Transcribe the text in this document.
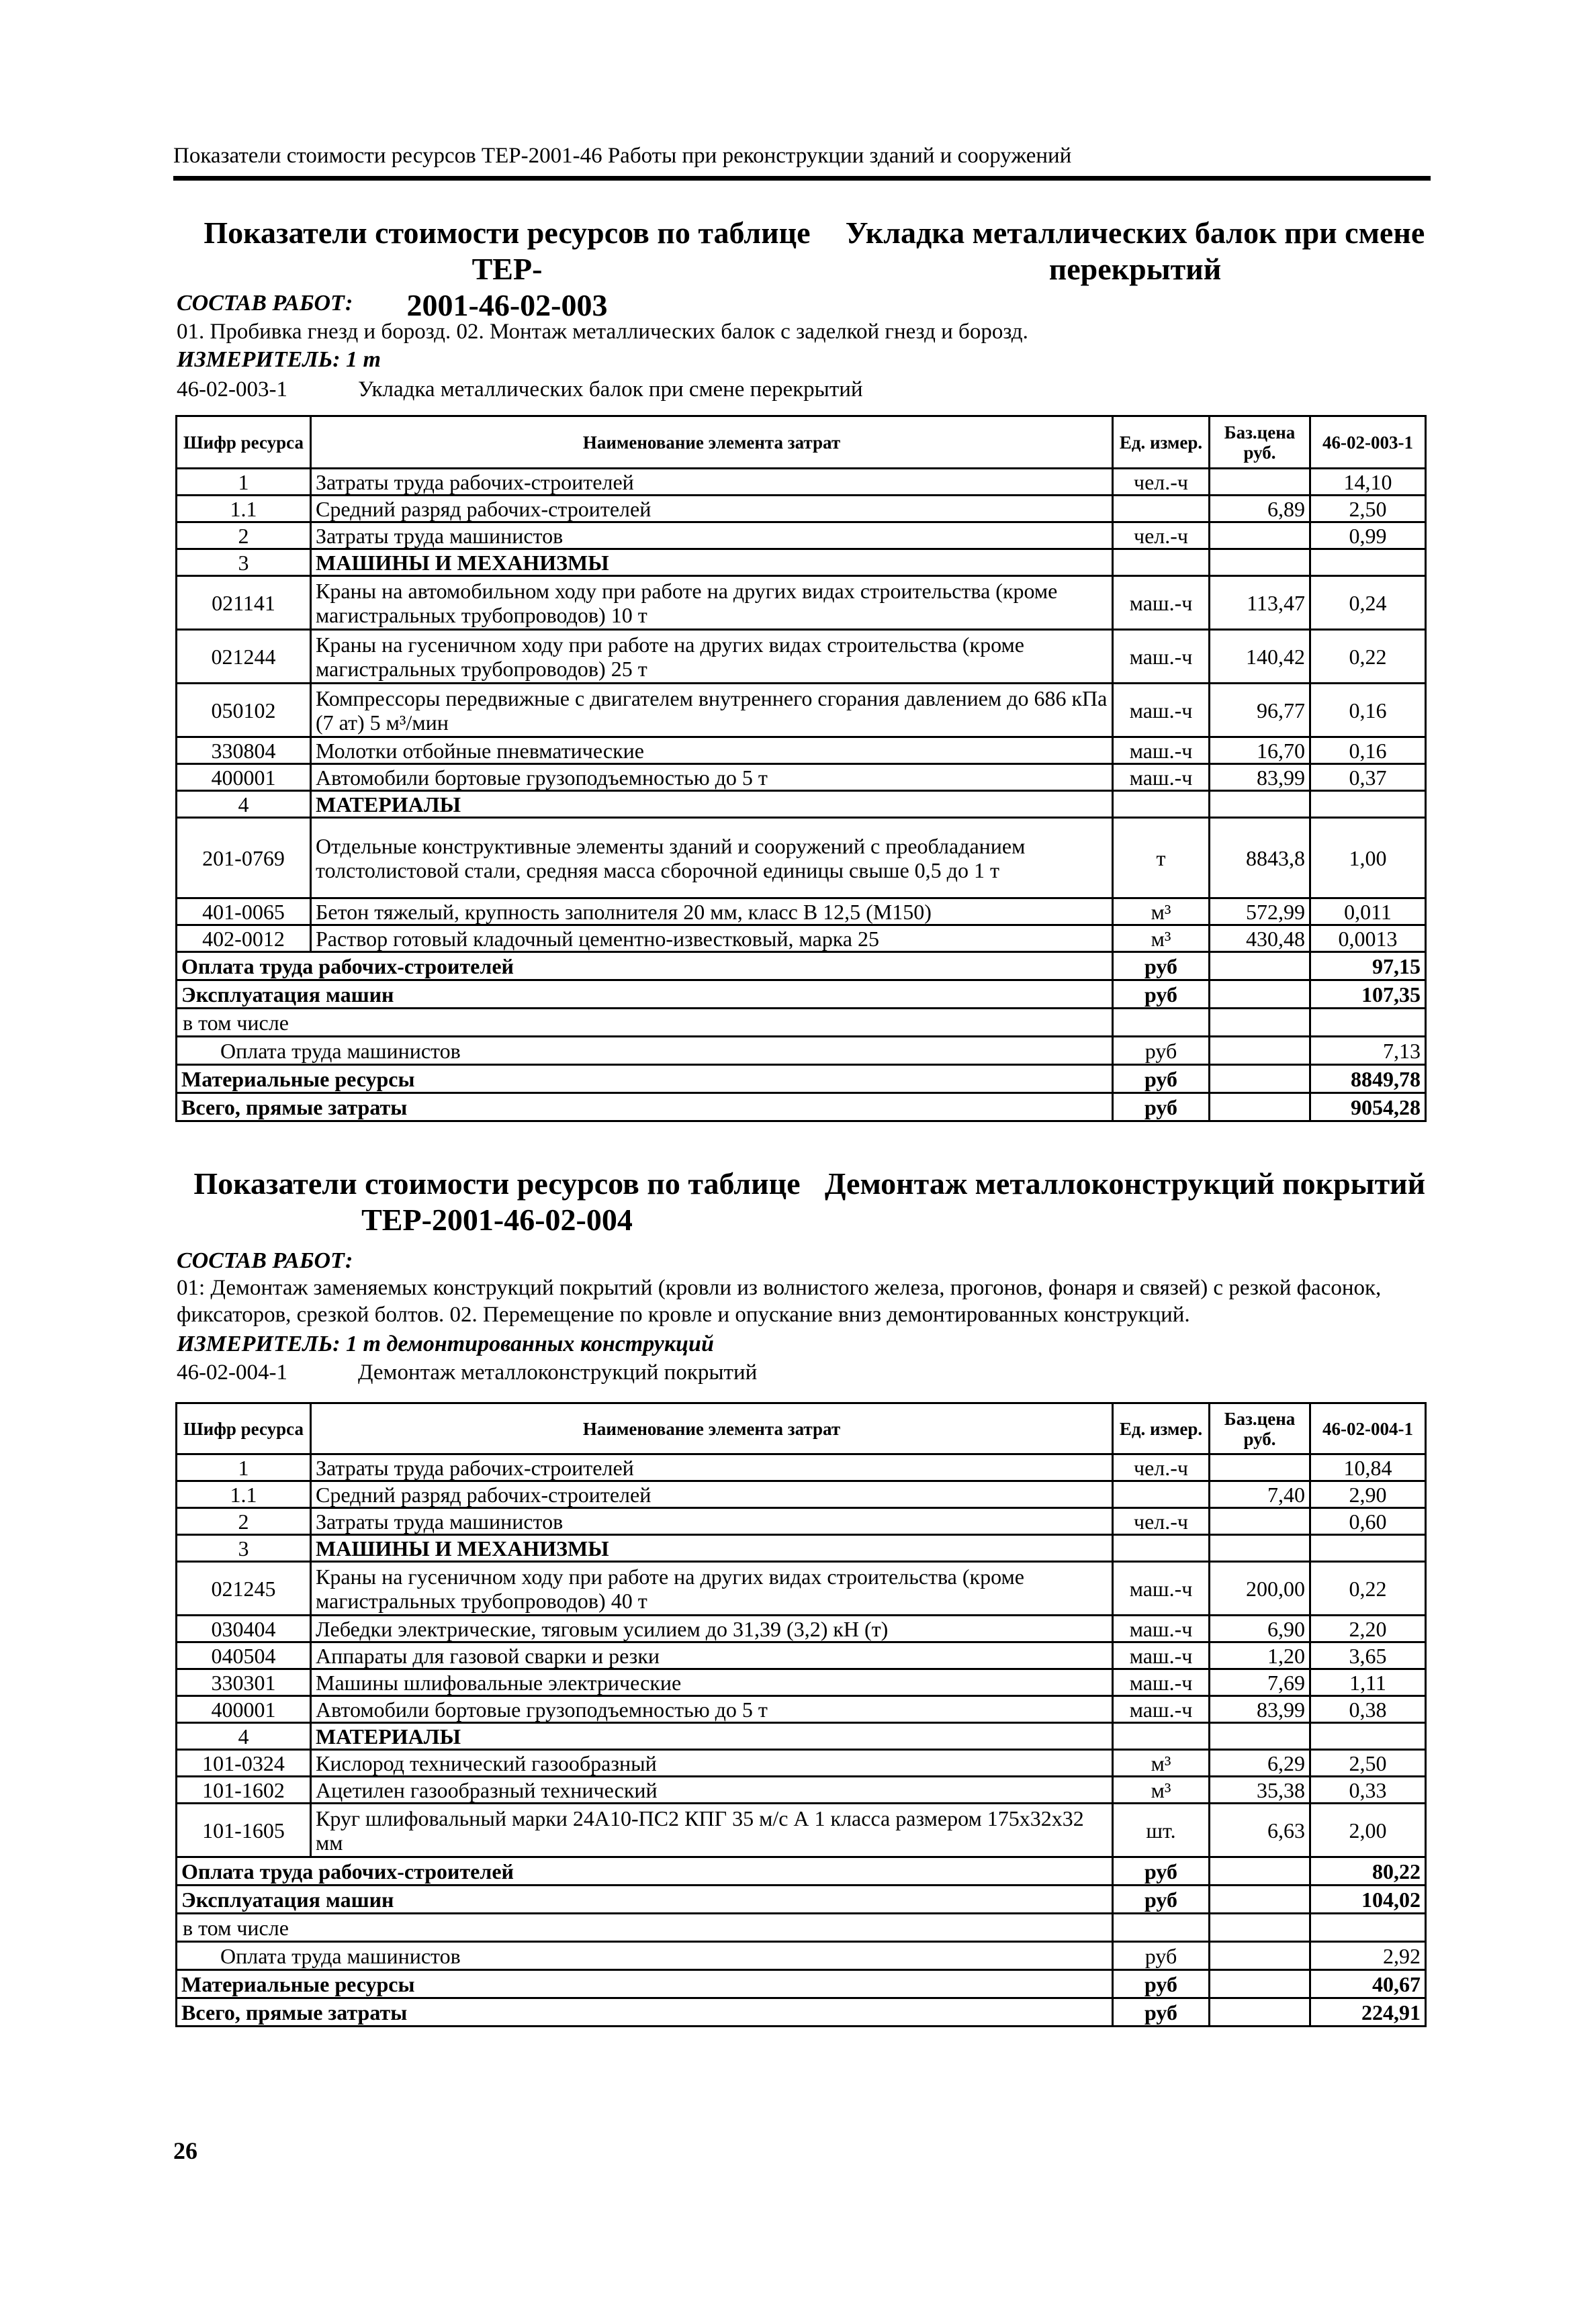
Показатели стоимости ресурсов ТЕР-2001-46 Работы при реконструкции зданий и сооружений
Показатели стоимости ресурсов по таблице ТЕР-
2001-46-02-003
Укладка металлических балок при смене
перекрытий
СОСТАВ РАБОТ:
01. Пробивка гнезд и борозд. 02. Монтаж металлических балок с заделкой гнезд и борозд.
ИЗМЕРИТЕЛЬ: 1 т
46-02-003-1	Укладка металлических балок при смене перекрытий
Шифр ресурса	Наименование элемента затрат	Ед. измер.	Баз.цена руб.	46-02-003-1
1	Затраты труда рабочих-строителей	чел.-ч		14,10
1.1	Средний разряд рабочих-строителей		6,89	2,50
2	Затраты труда машинистов	чел.-ч		0,99
3	МАШИНЫ И МЕХАНИЗМЫ			
021141	Краны на автомобильном ходу при работе на других видах строительства (кроме магистральных трубопроводов) 10 т	маш.-ч	113,47	0,24
021244	Краны на гусеничном ходу при работе на других видах строительства (кроме магистральных трубопроводов) 25 т	маш.-ч	140,42	0,22
050102	Компрессоры передвижные с двигателем внутреннего сгорания давлением до 686 кПа (7 ат) 5 м³/мин	маш.-ч	96,77	0,16
330804	Молотки отбойные пневматические	маш.-ч	16,70	0,16
400001	Автомобили бортовые грузоподъемностью до 5 т	маш.-ч	83,99	0,37
4	МАТЕРИАЛЫ			
201-0769	Отдельные конструктивные элементы зданий и сооружений с преобладанием толстолистовой стали, средняя масса сборочной единицы свыше 0,5 до 1 т	т	8843,8	1,00
401-0065	Бетон тяжелый, крупность заполнителя 20 мм, класс В 12,5 (М150)	м³	572,99	0,011
402-0012	Раствор готовый кладочный цементно-известковый, марка 25	м³	430,48	0,0013
Оплата труда рабочих-строителей		руб		97,15
Эксплуатация машин		руб		107,35
в том числе				
Оплата труда машинистов		руб		7,13
Материальные ресурсы		руб		8849,78
Всего, прямые затраты		руб		9054,28
Показатели стоимости ресурсов по таблице
ТЕР-2001-46-02-004
Демонтаж металлоконструкций покрытий
СОСТАВ РАБОТ:
01: Демонтаж заменяемых конструкций покрытий (кровли из волнистого железа, прогонов, фонаря и связей) с резкой фасонок, фиксаторов, срезкой болтов. 02. Перемещение по кровле и опускание вниз демонтированных конструкций.
ИЗМЕРИТЕЛЬ: 1 т демонтированных конструкций
46-02-004-1	Демонтаж металлоконструкций покрытий
Шифр ресурса	Наименование элемента затрат	Ед. измер.	Баз.цена руб.	46-02-004-1
1	Затраты труда рабочих-строителей	чел.-ч		10,84
1.1	Средний разряд рабочих-строителей		7,40	2,90
2	Затраты труда машинистов	чел.-ч		0,60
3	МАШИНЫ И МЕХАНИЗМЫ			
021245	Краны на гусеничном ходу при работе на других видах строительства (кроме магистральных трубопроводов) 40 т	маш.-ч	200,00	0,22
030404	Лебедки электрические, тяговым усилием до 31,39 (3,2) кН (т)	маш.-ч	6,90	2,20
040504	Аппараты для газовой сварки и резки	маш.-ч	1,20	3,65
330301	Машины шлифовальные электрические	маш.-ч	7,69	1,11
400001	Автомобили бортовые грузоподъемностью до 5 т	маш.-ч	83,99	0,38
4	МАТЕРИАЛЫ			
101-0324	Кислород технический газообразный	м³	6,29	2,50
101-1602	Ацетилен газообразный технический	м³	35,38	0,33
101-1605	Круг шлифовальный марки 24А10-ПС2 КПГ 35 м/с А 1 класса размером 175х32х32 мм	шт.	6,63	2,00
Оплата труда рабочих-строителей		руб		80,22
Эксплуатация машин		руб		104,02
в том числе				
Оплата труда машинистов		руб		2,92
Материальные ресурсы		руб		40,67
Всего, прямые затраты		руб		224,91
26
